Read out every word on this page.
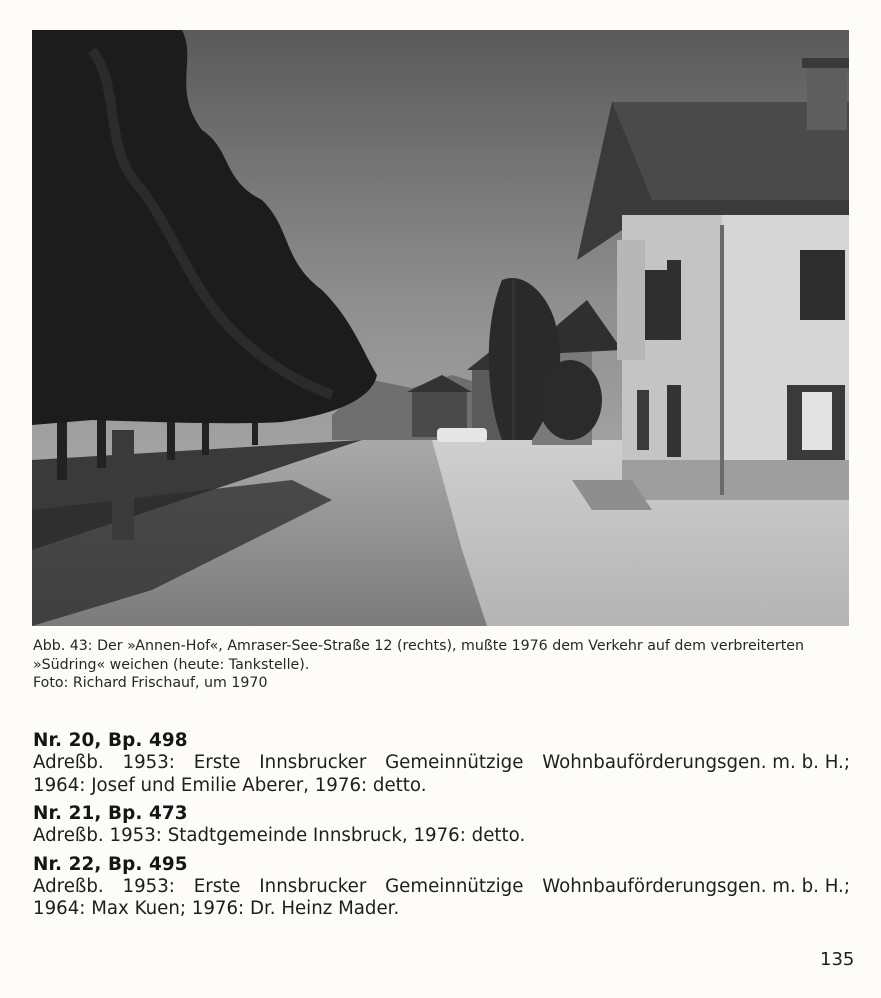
Abb. 43: Der »Annen-Hof«, Amraser-See-Straße 12 (rechts), mußte 1976 dem Verkehr auf dem verbreiterten
»Südring« weichen (heute: Tankstelle).
Foto: Richard Frischauf, um 1970
Nr. 20, Bp. 498
Adreßb. 1953: Erste Innsbrucker Gemeinnützige Wohnbauförderungsgen. m. b. H.;
1964: Josef und Emilie Aberer, 1976: detto.
Nr. 21, Bp. 473
Adreßb. 1953: Stadtgemeinde Innsbruck, 1976: detto.
Nr. 22, Bp. 495
Adreßb. 1953: Erste Innsbrucker Gemeinnützige Wohnbauförderungsgen. m. b. H.;
1964: Max Kuen; 1976: Dr. Heinz Mader.
135
